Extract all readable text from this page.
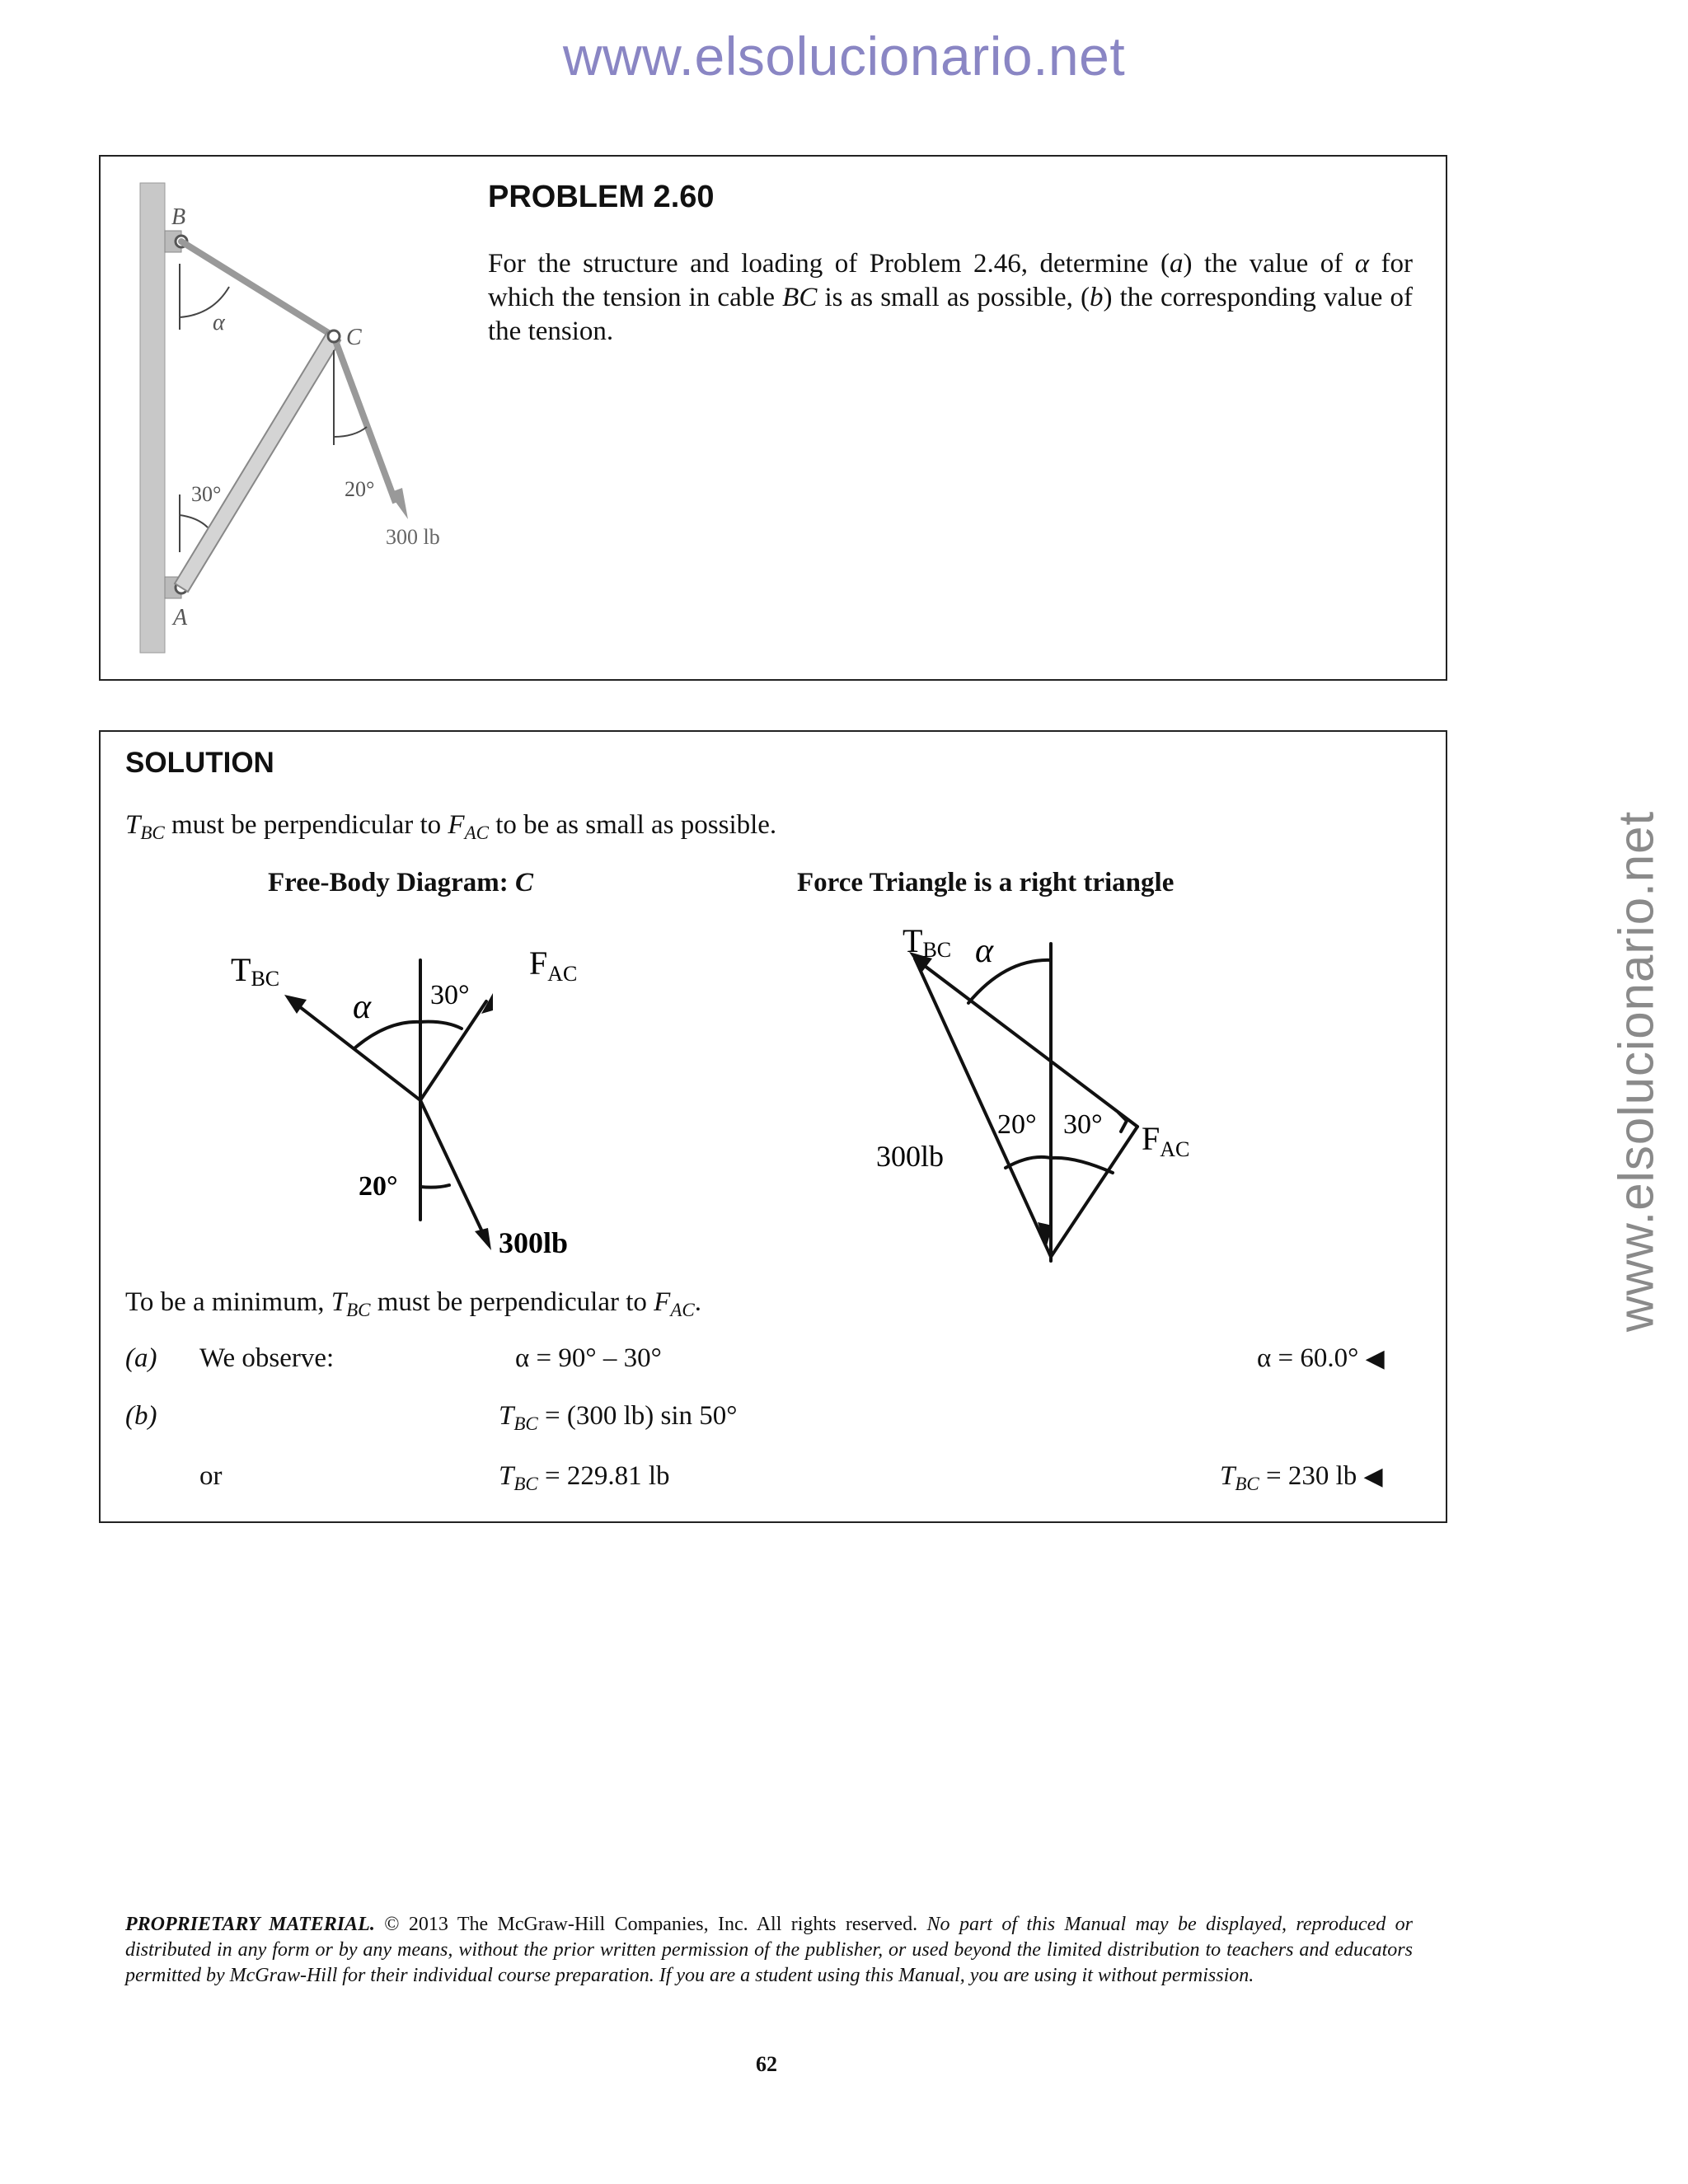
www.elsolucionario.net
www.elsolucionario.net
B
C
A
α
30°	20°
300 lb
PROBLEM 2.60
For the structure and loading of Problem 2.46, determine (a) the value of α for which the tension in cable BC is as small as possible, (b) the corresponding value of the tension.
SOLUTION
$T_{BC}$ must be perpendicular to $F_{AC}$ to be as small as possible.
Free-Body Diagram: C	Force Triangle is a right triangle
TBC
α 30°
$F_{AC}$
20°
300lb
TBC α
20° 30°
300lb	$F_{AC}$
To be a minimum, $T_{BC}$ must be perpendicular to $F_{AC}$.
(a) We observe:	α = 90° – 30°	α = 60.0° ◀
(b)	$T_{BC} = (300$ lb) sin 50°
or	$T_{BC} = 229.81$ lb	$T_{BC} = 230$ lb ◀
PROPRIETARY MATERIAL. © 2013 The McGraw-Hill Companies, Inc. All rights reserved. No part of this Manual may be displayed, reproduced or distributed in any form or by any means, without the prior written permission of the publisher, or used beyond the limited distribution to teachers and educators permitted by McGraw-Hill for their individual course preparation. If you are a student using this Manual, you are using it without permission.
62
